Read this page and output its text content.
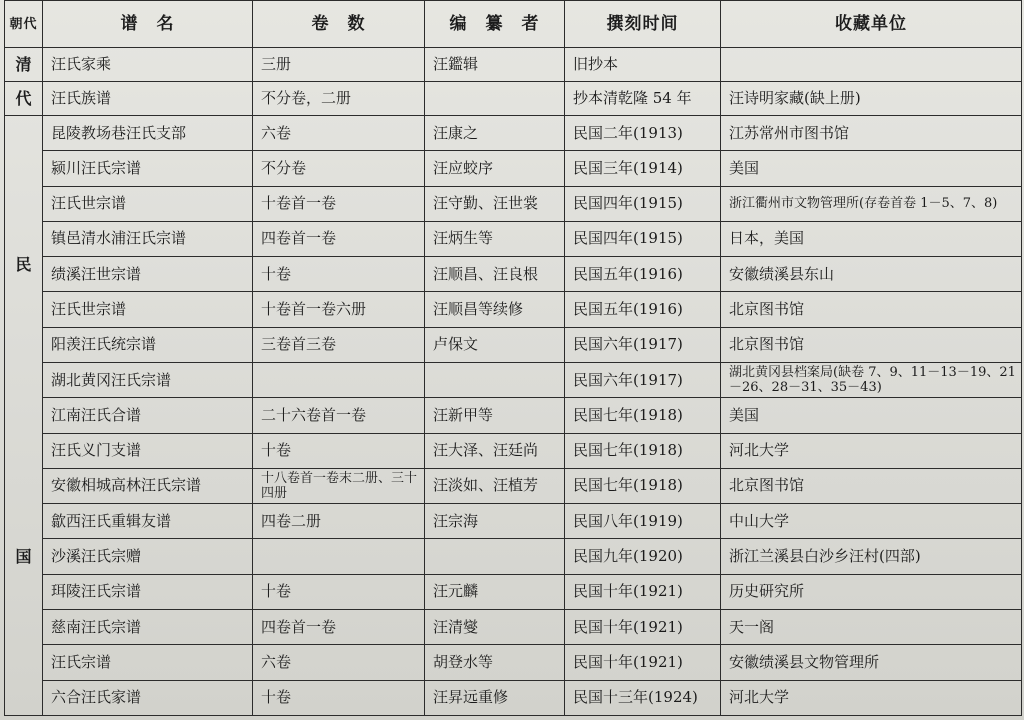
朝代	谱　名	卷　数	编　纂　者	撰刻时间	收藏单位
清	汪氏家乘	三册	汪鑑辑	旧抄本	
代	汪氏族谱	不分卷，二册		抄本清乾隆 54 年	汪诗明家藏(缺上册)

民
国	昆陵教场巷汪氏支部	六卷	汪康之	民国二年(1913)	江苏常州市图书馆
	颍川汪氏宗谱	不分卷	汪应蛟序	民国三年(1914)	美国
	汪氏世宗谱	十卷首一卷	汪守勤、汪世裳	民国四年(1915)	浙江衢州市文物管理所(存卷首卷 1－5、7、8)
	镇邑清水浦汪氏宗谱	四卷首一卷	汪炳生等	民国四年(1915)	日本，美国
	绩溪汪世宗谱	十卷	汪顺昌、汪良根	民国五年(1916)	安徽绩溪县东山
	汪氏世宗谱	十卷首一卷六册	汪顺昌等续修	民国五年(1916)	北京图书馆
	阳羡汪氏统宗谱	三卷首三卷	卢保文	民国六年(1917)	北京图书馆
	湖北黄冈汪氏宗谱			民国六年(1917)	湖北黄冈县档案局(缺卷 7、9、11－13－19、21－26、28－31、35－43)
	江南汪氏合谱	二十六卷首一卷	汪新甲等	民国七年(1918)	美国
	汪氏义门支谱	十卷	汪大泽、汪廷尚	民国七年(1918)	河北大学
	安徽相城高林汪氏宗谱	十八卷首一卷末二册、三十四册	汪淡如、汪植芳	民国七年(1918)	北京图书馆
	歙西汪氏重辑友谱	四卷二册	汪宗海	民国八年(1919)	中山大学
	沙溪汪氏宗赠			民国九年(1920)	浙江兰溪县白沙乡汪村(四部)
	珥陵汪氏宗谱	十卷	汪元麟	民国十年(1921)	历史研究所
	慈南汪氏宗谱	四卷首一卷	汪清燮	民国十年(1921)	天一阁
	汪氏宗谱	六卷	胡登水等	民国十年(1921)	安徽绩溪县文物管理所
	六合汪氏家谱	十卷	汪昇远重修	民国十三年(1924)	河北大学
